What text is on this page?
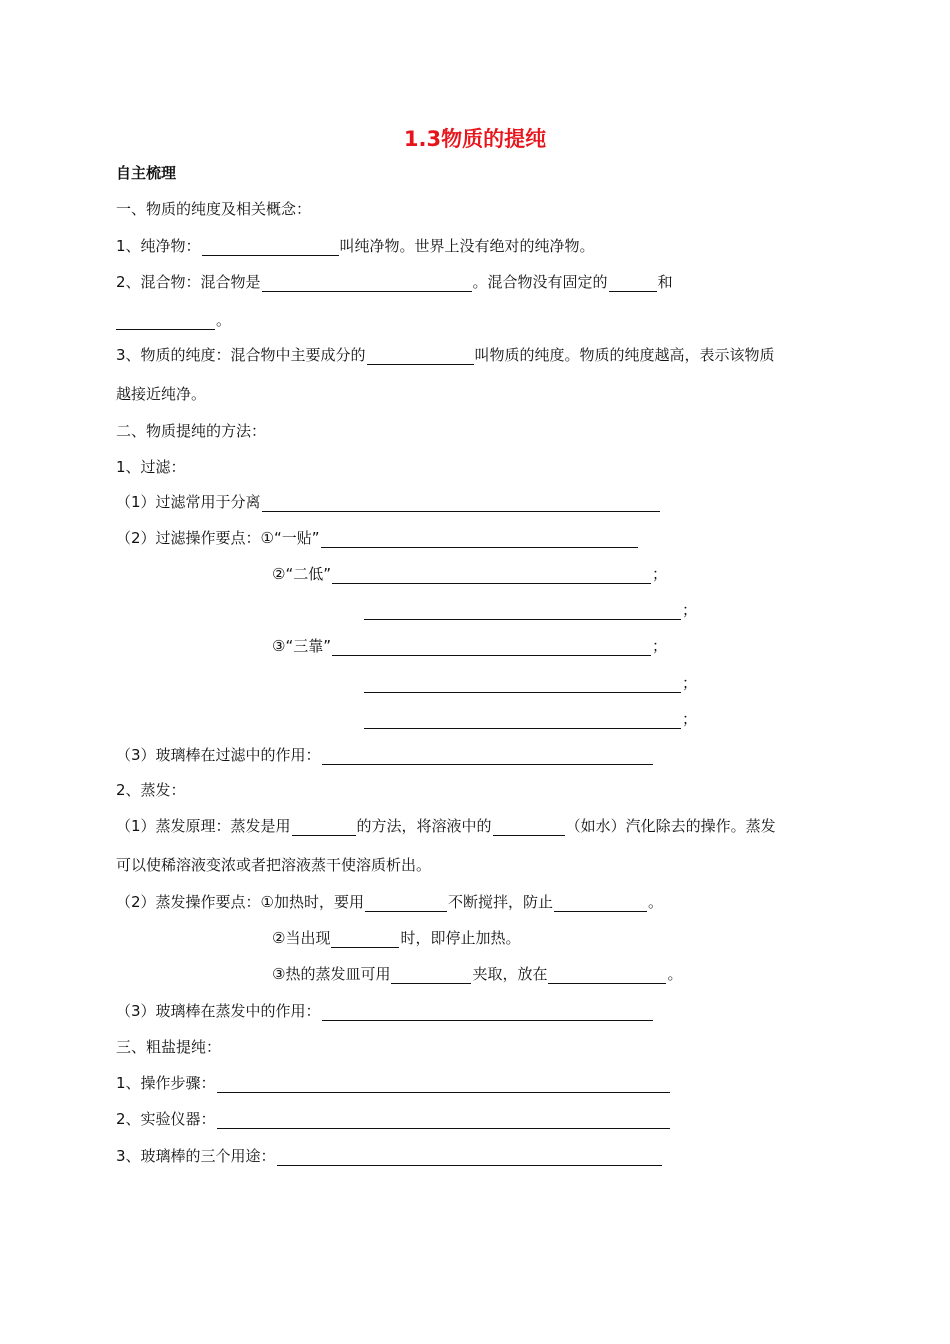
1.3物质的提纯
自主梳理
一、物质的纯度及相关概念：
1、纯净物：	叫纯净物。世界上没有绝对的纯净物。
2、混合物：混合物是	。混合物没有固定的	和
。
3、物质的纯度：混合物中主要成分的	叫物质的纯度。物质的纯度越高，表示该物质
越接近纯净。
二、物质提纯的方法：
1、过滤：
（1）过滤常用于分离
（2）过滤操作要点：①“一贴”
②“二低”	；
；
③“三靠”	；
；
；
（3）玻璃棒在过滤中的作用：
2、蒸发：
（1）蒸发原理：蒸发是用	的方法，将溶液中的	（如水）汽化除去的操作。蒸发
可以使稀溶液变浓或者把溶液蒸干使溶质析出。
（2）蒸发操作要点：①加热时，要用	不断搅拌，防止	。
②当出现	时，即停止加热。
③热的蒸发皿可用	夹取，放在	。
（3）玻璃棒在蒸发中的作用：
三、粗盐提纯：
1、操作步骤：
2、实验仪器：
3、玻璃棒的三个用途：
